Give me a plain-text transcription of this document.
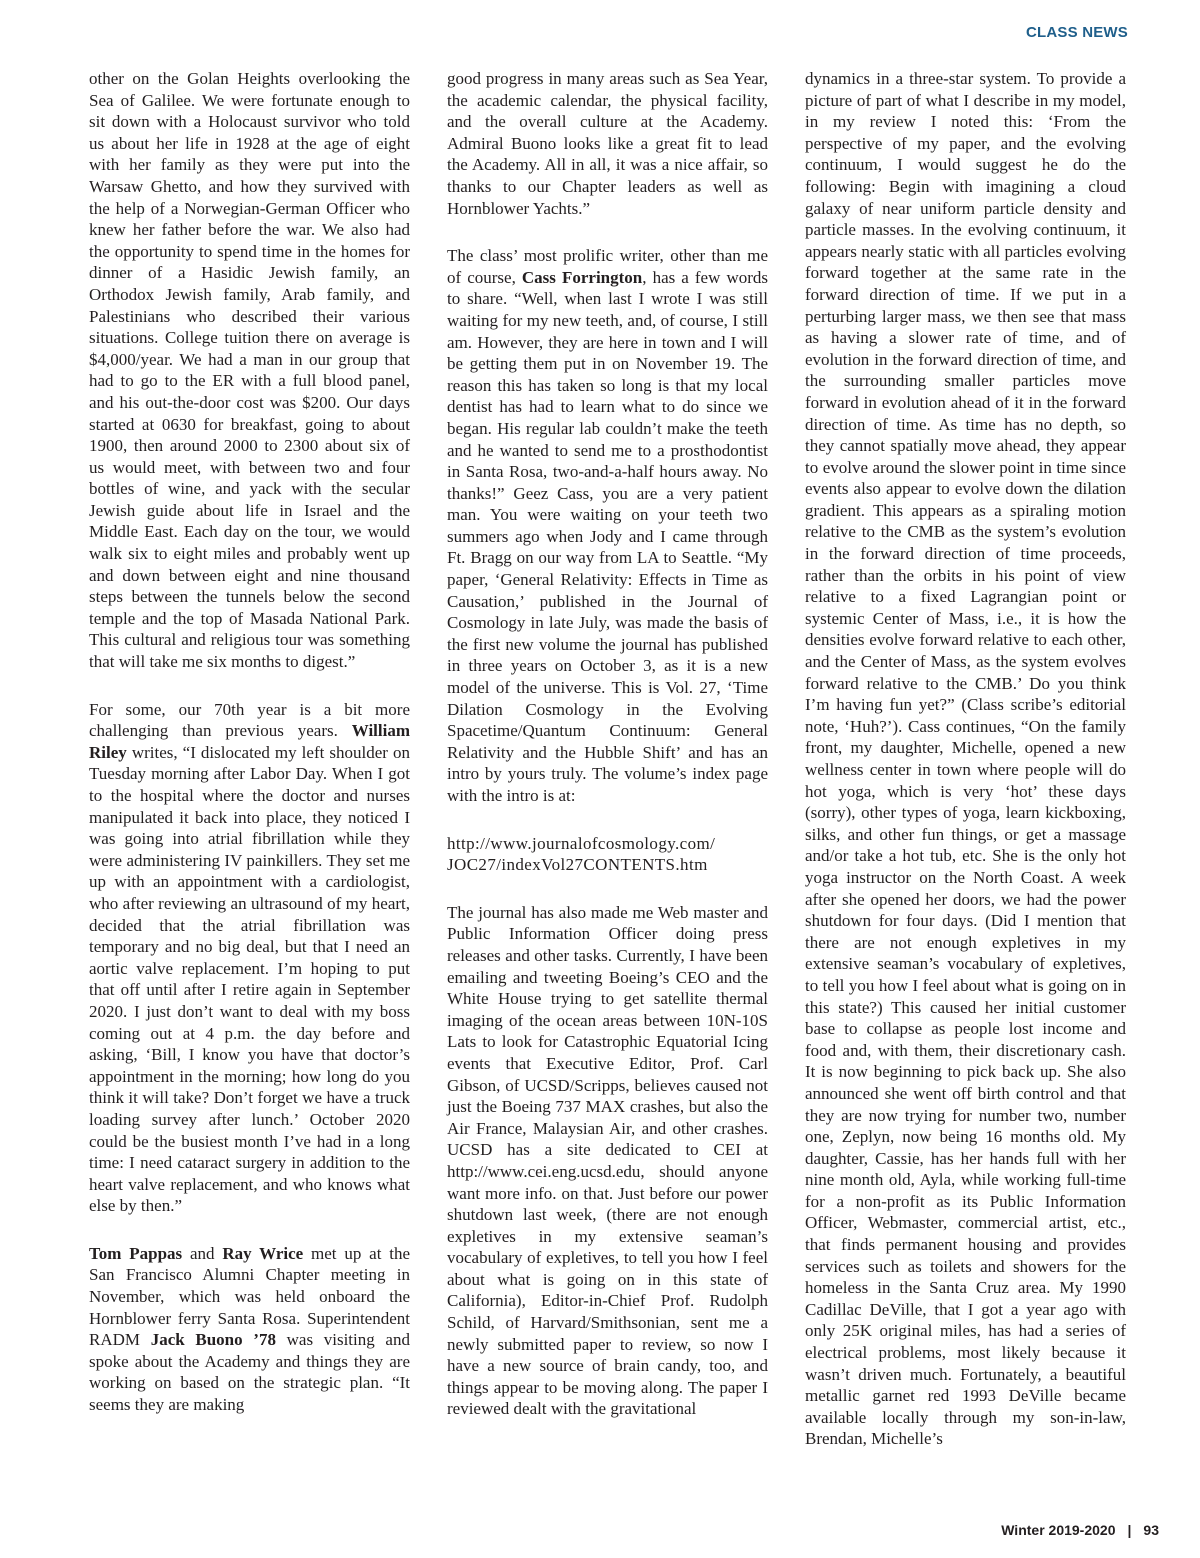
CLASS NEWS

other on the Golan Heights overlooking the Sea of Galilee. We were fortunate enough to sit down with a Holocaust survivor who told us about her life in 1928 at the age of eight with her family as they were put into the Warsaw Ghetto, and how they survived with the help of a Norwegian-German Officer who knew her father before the war. We also had the opportunity to spend time in the homes for dinner of a Hasidic Jewish family, an Orthodox Jewish family, Arab family, and Palestinians who described their various situations. College tuition there on average is $4,000/year. We had a man in our group that had to go to the ER with a full blood panel, and his out-the-door cost was $200. Our days started at 0630 for breakfast, going to about 1900, then around 2000 to 2300 about six of us would meet, with between two and four bottles of wine, and yack with the secular Jewish guide about life in Israel and the Middle East. Each day on the tour, we would walk six to eight miles and probably went up and down between eight and nine thousand steps between the tunnels below the second temple and the top of Masada National Park. This cultural and religious tour was something that will take me six months to digest.”

For some, our 70th year is a bit more challenging than previous years. William Riley writes, “I dislocated my left shoulder on Tuesday morning after Labor Day. When I got to the hospital where the doctor and nurses manipulated it back into place, they noticed I was going into atrial fibrillation while they were administering IV painkillers. They set me up with an appointment with a cardiologist, who after reviewing an ultrasound of my heart, decided that the atrial fibrillation was temporary and no big deal, but that I need an aortic valve replacement. I’m hoping to put that off until after I retire again in September 2020. I just don’t want to deal with my boss coming out at 4 p.m. the day before and asking, ‘Bill, I know you have that doctor’s appointment in the morning; how long do you think it will take? Don’t forget we have a truck loading survey after lunch.’ October 2020 could be the busiest month I’ve had in a long time: I need cataract surgery in addition to the heart valve replacement, and who knows what else by then.”

Tom Pappas and Ray Wrice met up at the San Francisco Alumni Chapter meeting in November, which was held onboard the Hornblower ferry Santa Rosa. Superintendent RADM Jack Buono ’78 was visiting and spoke about the Academy and things they are working on based on the strategic plan. “It seems they are making

good progress in many areas such as Sea Year, the academic calendar, the physical facility, and the overall culture at the Academy. Admiral Buono looks like a great fit to lead the Academy. All in all, it was a nice affair, so thanks to our Chapter leaders as well as Hornblower Yachts.”

The class’ most prolific writer, other than me of course, Cass Forrington, has a few words to share. “Well, when last I wrote I was still waiting for my new teeth, and, of course, I still am. However, they are here in town and I will be getting them put in on November 19. The reason this has taken so long is that my local dentist has had to learn what to do since we began. His regular lab couldn’t make the teeth and he wanted to send me to a prosthodontist in Santa Rosa, two-and-a-half hours away. No thanks!” Geez Cass, you are a very patient man. You were waiting on your teeth two summers ago when Jody and I came through Ft. Bragg on our way from LA to Seattle. “My paper, ‘General Relativity: Effects in Time as Causation,’ published in the Journal of Cosmology in late July, was made the basis of the first new volume the journal has published in three years on October 3, as it is a new model of the universe. This is Vol. 27, ‘Time Dilation Cosmology in the Evolving Spacetime/Quantum Continuum: General Relativity and the Hubble Shift’ and has an intro by yours truly. The volume’s index page with the intro is at:

http://www.journalofcosmology.com/
JOC27/indexVol27CONTENTS.htm

The journal has also made me Web master and Public Information Officer doing press releases and other tasks. Currently, I have been emailing and tweeting Boeing’s CEO and the White House trying to get satellite thermal imaging of the ocean areas between 10N-10S Lats to look for Catastrophic Equatorial Icing events that Executive Editor, Prof. Carl Gibson, of UCSD/Scripps, believes caused not just the Boeing 737 MAX crashes, but also the Air France, Malaysian Air, and other crashes. UCSD has a site dedicated to CEI at http://www.cei.eng.ucsd.edu, should anyone want more info. on that. Just before our power shutdown last week, (there are not enough expletives in my extensive seaman’s vocabulary of expletives, to tell you how I feel about what is going on in this state of California), Editor-in-Chief Prof. Rudolph Schild, of Harvard/Smithsonian, sent me a newly submitted paper to review, so now I have a new source of brain candy, too, and things appear to be moving along. The paper I reviewed dealt with the gravitational

dynamics in a three-star system. To provide a picture of part of what I describe in my model, in my review I noted this: ‘From the perspective of my paper, and the evolving continuum, I would suggest he do the following: Begin with imagining a cloud galaxy of near uniform particle density and particle masses. In the evolving continuum, it appears nearly static with all particles evolving forward together at the same rate in the forward direction of time. If we put in a perturbing larger mass, we then see that mass as having a slower rate of time, and of evolution in the forward direction of time, and the surrounding smaller particles move forward in evolution ahead of it in the forward direction of time. As time has no depth, so they cannot spatially move ahead, they appear to evolve around the slower point in time since events also appear to evolve down the dilation gradient. This appears as a spiraling motion relative to the CMB as the system’s evolution in the forward direction of time proceeds, rather than the orbits in his point of view relative to a fixed Lagrangian point or systemic Center of Mass, i.e., it is how the densities evolve forward relative to each other, and the Center of Mass, as the system evolves forward relative to the CMB.’ Do you think I’m having fun yet?” (Class scribe’s editorial note, ‘Huh?’). Cass continues, “On the family front, my daughter, Michelle, opened a new wellness center in town where people will do hot yoga, which is very ‘hot’ these days (sorry), other types of yoga, learn kickboxing, silks, and other fun things, or get a massage and/or take a hot tub, etc. She is the only hot yoga instructor on the North Coast. A week after she opened her doors, we had the power shutdown for four days. (Did I mention that there are not enough expletives in my extensive seaman’s vocabulary of expletives, to tell you how I feel about what is going on in this state?) This caused her initial customer base to collapse as people lost income and food and, with them, their discretionary cash. It is now beginning to pick back up. She also announced she went off birth control and that they are now trying for number two, number one, Zeplyn, now being 16 months old. My daughter, Cassie, has her hands full with her nine month old, Ayla, while working full-time for a non-profit as its Public Information Officer, Webmaster, commercial artist, etc., that finds permanent housing and provides services such as toilets and showers for the homeless in the Santa Cruz area. My 1990 Cadillac DeVille, that I got a year ago with only 25K original miles, has had a series of electrical problems, most likely because it wasn’t driven much. Fortunately, a beautiful metallic garnet red 1993 DeVille became available locally through my son-in-law, Brendan, Michelle’s

Winter 2019-2020 | 93
